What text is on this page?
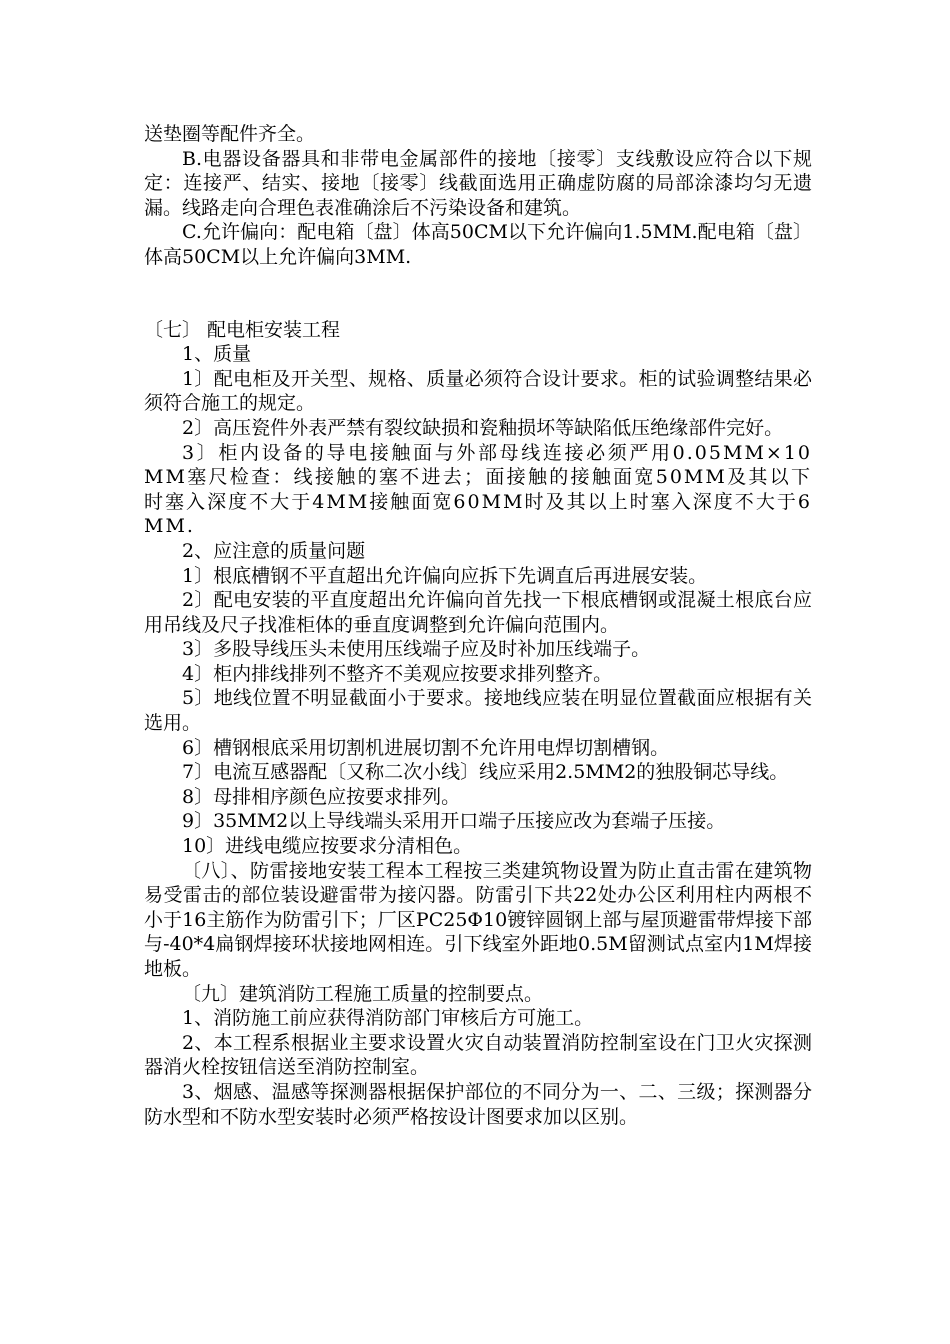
送垫圈等配件齐全。

B.电器设备器具和非带电金属部件的接地〔接零〕支线敷设应符合以下规定：连接严、结实、接地〔接零〕线截面选用正确虚防腐的局部涂漆均匀无遗漏。线路走向合理色表准确涂后不污染设备和建筑。

C.允许偏向：配电箱〔盘〕体高50CM以下允许偏向1.5MM.配电箱〔盘〕体高50CM以上允许偏向3MM.

〔七〕 配电柜安装工程

1、质量

1〕配电柜及开关型、规格、质量必须符合设计要求。柜的试验调整结果必须符合施工的规定。

2〕高压瓷件外表严禁有裂纹缺损和瓷釉损坏等缺陷低压绝缘部件完好。

3〕柜内设备的导电接触面与外部母线连接必须严用0.05MM×10MM塞尺检查：线接触的塞不进去；面接触的接触面宽50MM及其以下时塞入深度不大于4MM接触面宽60MM时及其以上时塞入深度不大于6MM.

2、应注意的质量问题

1〕根底槽钢不平直超出允许偏向应拆下先调直后再进展安装。

2〕配电安装的平直度超出允许偏向首先找一下根底槽钢或混凝土根底台应用吊线及尺子找准柜体的垂直度调整到允许偏向范围内。

3〕多股导线压头未使用压线端子应及时补加压线端子。

4〕柜内排线排列不整齐不美观应按要求排列整齐。

5〕地线位置不明显截面小于要求。接地线应装在明显位置截面应根据有关选用。

6〕槽钢根底采用切割机进展切割不允许用电焊切割槽钢。

7〕电流互感器配〔又称二次小线〕线应采用2.5MM2的独股铜芯导线。

8〕母排相序颜色应按要求排列。

9〕35MM2以上导线端头采用开口端子压接应改为套端子压接。

10〕进线电缆应按要求分清相色。

〔八〕、防雷接地安装工程本工程按三类建筑物设置为防止直击雷在建筑物易受雷击的部位装设避雷带为接闪器。防雷引下共22处办公区利用柱内两根不小于16主筋作为防雷引下；厂区PC25Φ10镀锌圆钢上部与屋顶避雷带焊接下部与-40*4扁钢焊接环状接地网相连。引下线室外距地0.5M留测试点室内1M焊接地板。

〔九〕建筑消防工程施工质量的控制要点。

1、消防施工前应获得消防部门审核后方可施工。

2、本工程系根据业主要求设置火灾自动装置消防控制室设在门卫火灾探测器消火栓按钮信送至消防控制室。

3、烟感、温感等探测器根据保护部位的不同分为一、二、三级；探测器分防水型和不防水型安装时必须严格按设计图要求加以区别。
